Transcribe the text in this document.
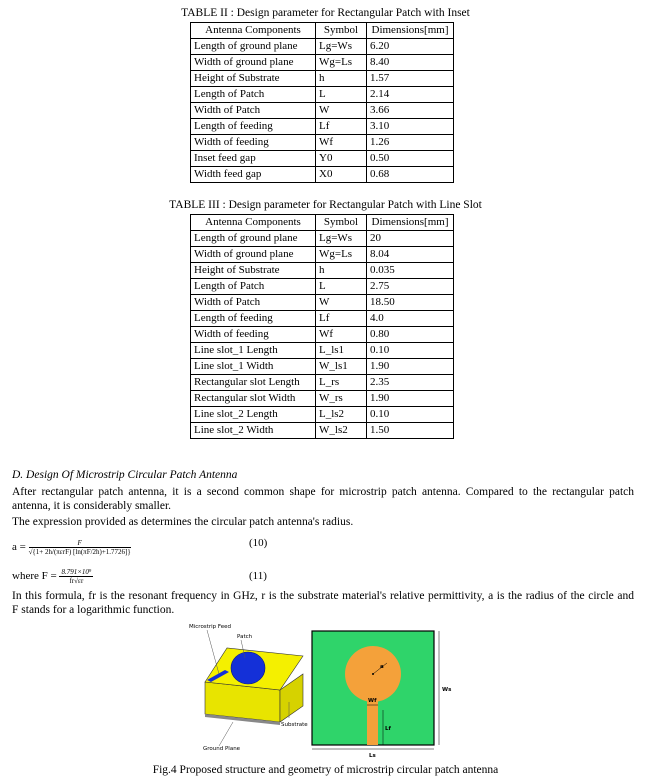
TABLE II : Design parameter for Rectangular Patch with Inset
Antenna Components	Symbol	Dimensions[mm]
Length of ground plane	Lg=Ws	6.20
Width of ground plane	Wg=Ls	8.40
Height of Substrate	h	1.57
Length of Patch	L	2.14
Width of Patch	W	3.66
Length of feeding	Lf	3.10
Width of feeding	Wf	1.26
Inset feed gap	Y0	0.50
Width feed gap	X0	0.68
TABLE III : Design parameter for Rectangular Patch with Line Slot
Antenna Components	Symbol	Dimensions[mm]
Length of ground plane	Lg=Ws	20
Width of ground plane	Wg=Ls	8.04
Height of Substrate	h	0.035
Length of Patch	L	2.75
Width of Patch	W	18.50
Length of feeding	Lf	4.0
Width of feeding	Wf	0.80
Line slot_1 Length	L_ls1	0.10
Line slot_1 Width	W_ls1	1.90
Rectangular slot Length	L_rs	2.35
Rectangular slot Width	W_rs	1.90
Line slot_2 Length	L_ls2	0.10
Line slot_2 Width	W_ls2	1.50
D. Design Of Microstrip Circular Patch Antenna
After rectangular patch antenna, it is a second common shape for microstrip patch antenna. Compared to the rectangular patch
antenna, it is considerably smaller.
The expression provided as determines the circular patch antenna's radius.
$a = \frac{F}{\text{√\{1+ 2h/(πεrF) [ln(πF/2h)+1.7726]\}}}$	(10)
where $F = \frac{\text{8.791×10⁹}}{fr√\varepsilon r}$	(11)
In this formula, fr is the resonant frequency in GHz, r is the substrate material's relative permittivity, a is the radius of the circle and
F stands for a logarithmic function.
Microstrip Feed
Patch
Substrate
Ground Plane
a
Wf
Lf
Ws
Ls
Fig.4 Proposed structure and geometry of microstrip circular patch antenna
